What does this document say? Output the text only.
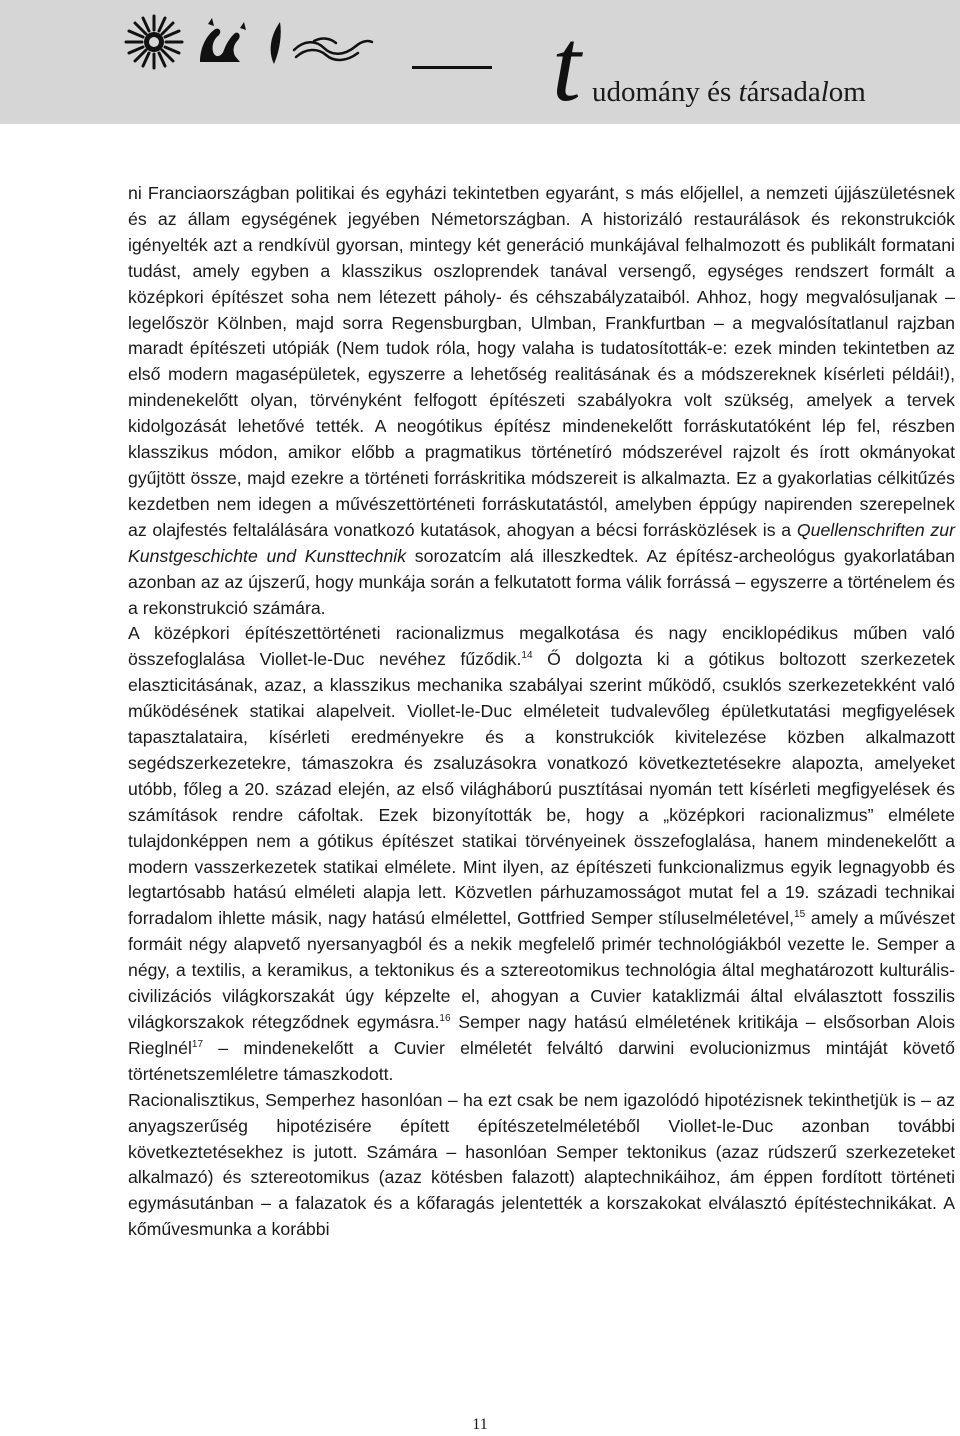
t udomány és társadalom

ni Franciaországban politikai és egyházi tekintetben egyaránt, s más előjellel, a nemzeti újjászületésnek és az állam egységének jegyében Németországban. A historizáló restaurálások és rekonstrukciók igényelték azt a rendkívül gyorsan, mintegy két generáció munkájával felhalmozott és publikált formatani tudást, amely egyben a klasszikus oszloprendek tanával versengő, egységes rendszert formált a középkori építészet soha nem létezett páholy- és céhszabályzataiból. Ahhoz, hogy megvalósuljanak – legelőször Kölnben, majd sorra Regensburgban, Ulmban, Frankfurtban – a megvalósítatlanul rajzban maradt építészeti utópiák (Nem tudok róla, hogy valaha is tudatosították-e: ezek minden tekintetben az első modern magasépületek, egyszerre a lehetőség realitásának és a módszereknek kísérleti példái!), mindenekelőtt olyan, törvényként felfogott építészeti szabályokra volt szükség, amelyek a tervek kidolgozását lehetővé tették. A neogótikus építész mindenekelőtt forráskutatóként lép fel, részben klasszikus módon, amikor előbb a pragmatikus történetíró módszerével rajzolt és írott okmányokat gyűjtött össze, majd ezekre a történeti forráskritika módszereit is alkalmazta. Ez a gyakorlatias célkitűzés kezdetben nem idegen a művészettörténeti forráskutatástól, amelyben éppúgy napirenden szerepelnek az olajfestés feltalálására vonatkozó kutatások, ahogyan a bécsi forrásközlések is a Quellenschriften zur Kunstgeschichte und Kunsttechnik sorozatcím alá illeszkedtek. Az építész-archeológus gyakorlatában azonban az az újszerű, hogy munkája során a felkutatott forma válik forrássá – egyszerre a történelem és a rekonstrukció számára.

A középkori építészettörténeti racionalizmus megalkotása és nagy enciklopédikus műben való összefoglalása Viollet-le-Duc nevéhez fűződik.$^{14}$ Ő dolgozta ki a gótikus boltozott szerkezetek elaszticitásának, azaz, a klasszikus mechanika szabályai szerint működő, csuklós szerkezetekként való működésének statikai alapelveit. Viollet-le-Duc elméleteit tudvalevőleg épületkutatási megfigyelések tapasztalataira, kísérleti eredményekre és a konstrukciók kivitelezése közben alkalmazott segédszerkezetekre, támaszokra és zsaluzásokra vonatkozó következtetésekre alapozta, amelyeket utóbb, főleg a 20. század elején, az első világháború pusztításai nyomán tett kísérleti megfigyelések és számítások rendre cáfoltak. Ezek bizonyították be, hogy a „középkori racionalizmus” elmélete tulajdonképpen nem a gótikus építészet statikai törvényeinek összefoglalása, hanem mindenekelőtt a modern vasszerkezetek statikai elmélete. Mint ilyen, az építészeti funkcionalizmus egyik legnagyobb és legtartósabb hatású elméleti alapja lett. Közvetlen párhuzamosságot mutat fel a 19. századi technikai forradalom ihlette másik, nagy hatású elmélettel, Gottfried Semper stíluselméletével,$^{15}$ amely a művészet formáit négy alapvető nyersanyagból és a nekik megfelelő primér technológiákból vezette le. Semper a négy, a textilis, a keramikus, a tektonikus és a sztereotomikus technológia által meghatározott kulturális-civilizációs világkorszakát úgy képzelte el, ahogyan a Cuvier kataklizmái által elválasztott fosszilis világkorszakok rétegződnek egymásra.$^{16}$ Semper nagy hatású elméletének kritikája – elsősorban Alois Rieglnél$^{17}$ – mindenekelőtt a Cuvier elméletét felváltó darwini evolucionizmus mintáját követő történetszemléletre támaszkodott.

Racionalisztikus, Semperhez hasonlóan – ha ezt csak be nem igazolódó hipotézisnek tekinthetjük is – az anyagszerűség hipotézisére épített építészetelméletéből Viollet-le-Duc azonban további következtetésekhez is jutott. Számára – hasonlóan Semper tektonikus (azaz rúdszerű szerkezeteket alkalmazó) és sztereotomikus (azaz kötésben falazott) alaptechnikáihoz, ám éppen fordított történeti egymásutánban – a falazatok és a kőfaragás jelentették a korszakokat elválasztó építéstechnikákat. A kőművesmunka a korábbi

11
